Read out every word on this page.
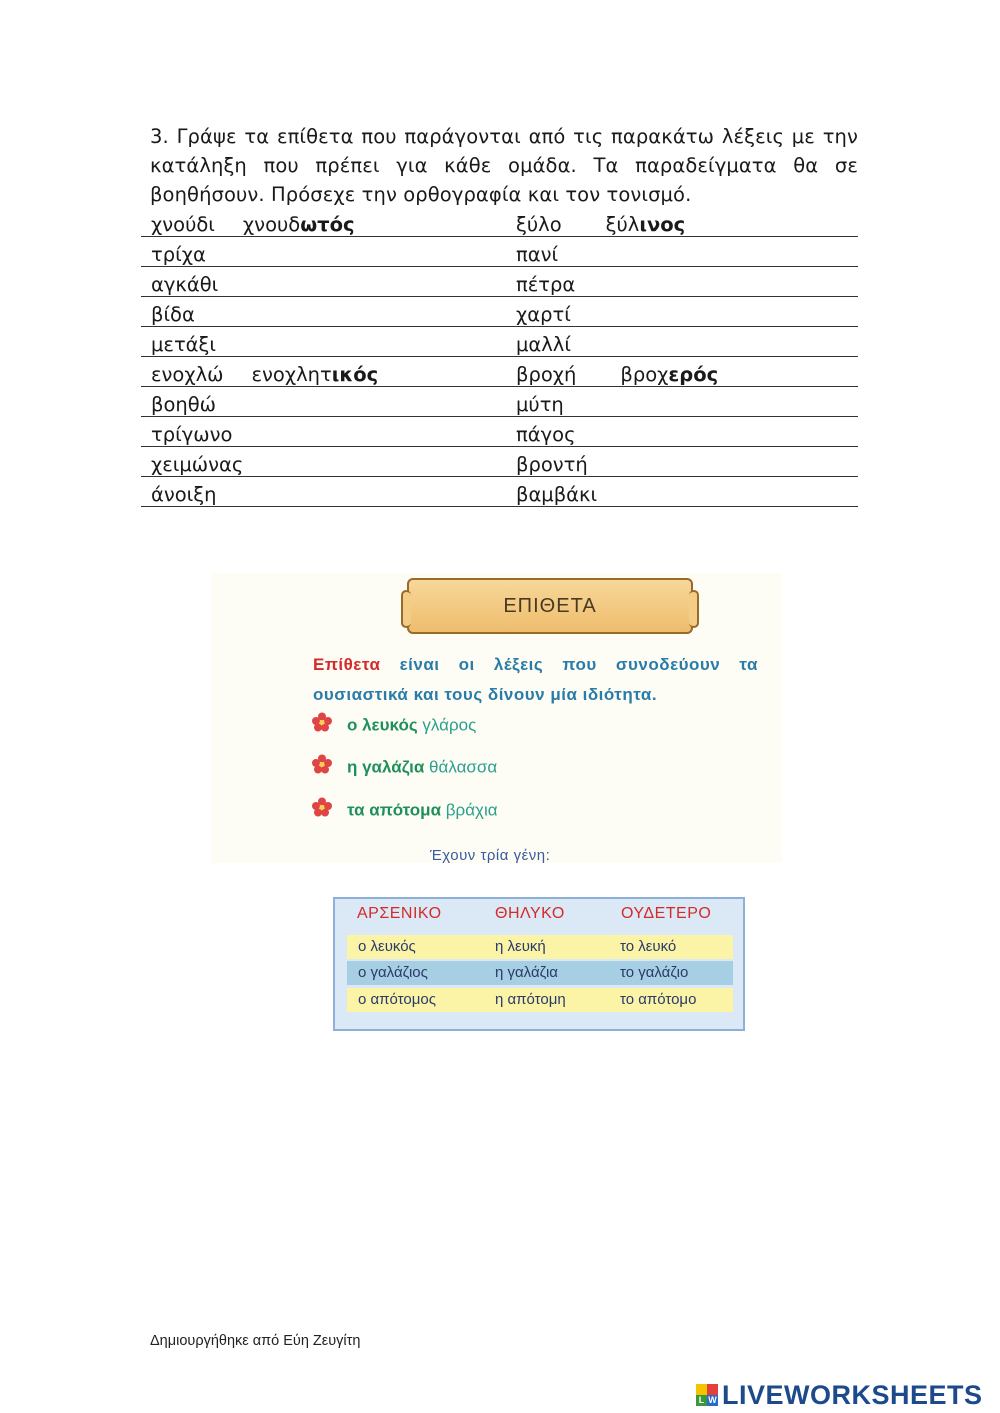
3. Γράψε τα επίθετα που παράγονται από τις παρακάτω λέξεις με την κατάληξη που πρέπει για κάθε ομάδα. Τα παραδείγματα θα σε βοηθήσουν. Πρόσεχε την ορθογραφία και τον τονισμό.
χνούδι χνουδωτός	ξύλο ξύλινος
τρίχα	πανί
αγκάθι	πέτρα
βίδα	χαρτί
μετάξι	μαλλί
ενοχλώ ενοχλητικός	βροχή βροχερός
βοηθώ	μύτη
τρίγωνο	πάγος
χειμώνας	βροντή
άνοιξη	βαμβάκι
ΕΠΙΘΕΤΑ
Επίθετα είναι οι λέξεις που συνοδεύουν τα ουσιαστικά και τους δίνουν μία ιδιότητα.
ο λευκός γλάρος
η γαλάζια θάλασσα
τα απότομα βράχια
Έχουν τρία γένη:
ΑΡΣΕΝΙΚΟ	ΘΗΛΥΚΟ	ΟΥΔΕΤΕΡΟ
ο λευκός	η λευκή	το λευκό
ο γαλάζιος	η γαλάζια	το γαλάζιο
ο απότομος	η απότομη	το απότομο
Δημιουργήθηκε από Εύη Ζευγίτη
L W LIVEWORKSHEETS
